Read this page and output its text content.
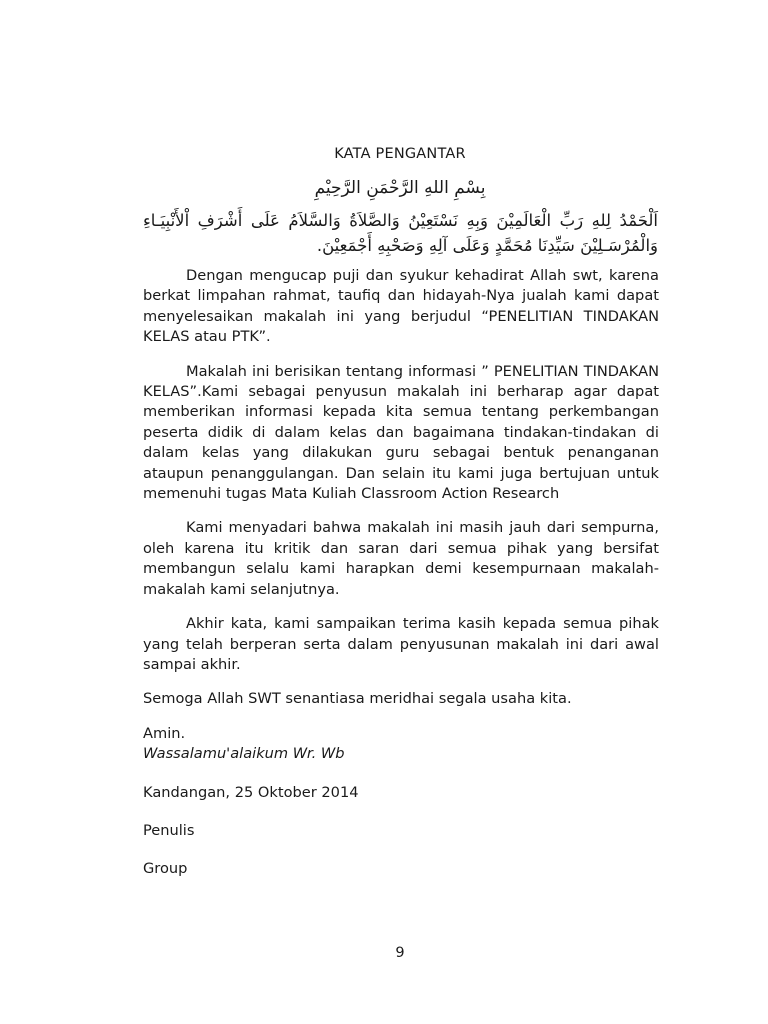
KATA PENGANTAR
بِسْمِ اللهِ الرَّحْمَنِ الرَّحِيْمِ
اَلْحَمْدُ لِلهِ رَبِّ الْعَالَمِيْنَ وَبِهِ نَسْتَعِيْنُ وَالصَّلاَةُ وَالسَّلاَمُ عَلَى أَشْرَفِ اْلأَنْبِيَـاءِ وَالْمُرْسَـلِيْنَ سَيِّدِنَا مُحَمَّدٍ وَعَلَى آلِهِ وَصَحْبِهِ أَجْمَعِيْنَ.

Dengan mengucap puji dan syukur kehadirat Allah swt, karena berkat limpahan rahmat, taufiq dan hidayah-Nya jualah kami dapat menyelesaikan makalah ini yang berjudul “PENELITIAN TINDAKAN KELAS atau PTK”.

Makalah ini berisikan tentang informasi ” PENELITIAN TINDAKAN KELAS”.Kami sebagai penyusun makalah ini berharap agar dapat memberikan informasi kepada kita semua tentang perkembangan peserta didik di dalam kelas dan bagaimana tindakan-tindakan di dalam kelas yang dilakukan guru sebagai bentuk penanganan ataupun penanggulangan. Dan selain itu kami juga bertujuan untuk memenuhi tugas Mata Kuliah Classroom Action Research

Kami menyadari bahwa makalah ini masih jauh dari sempurna, oleh karena itu kritik dan saran dari semua pihak yang bersifat membangun selalu kami harapkan demi kesempurnaan makalah-makalah kami selanjutnya.

Akhir kata, kami sampaikan terima kasih kepada semua pihak yang telah berperan serta dalam penyusunan makalah ini dari awal sampai akhir.

Semoga Allah SWT senantiasa meridhai segala usaha kita.

Amin.

Wassalamu'alaikum Wr. Wb

Kandangan, 25 Oktober 2014

Penulis

Group

9
